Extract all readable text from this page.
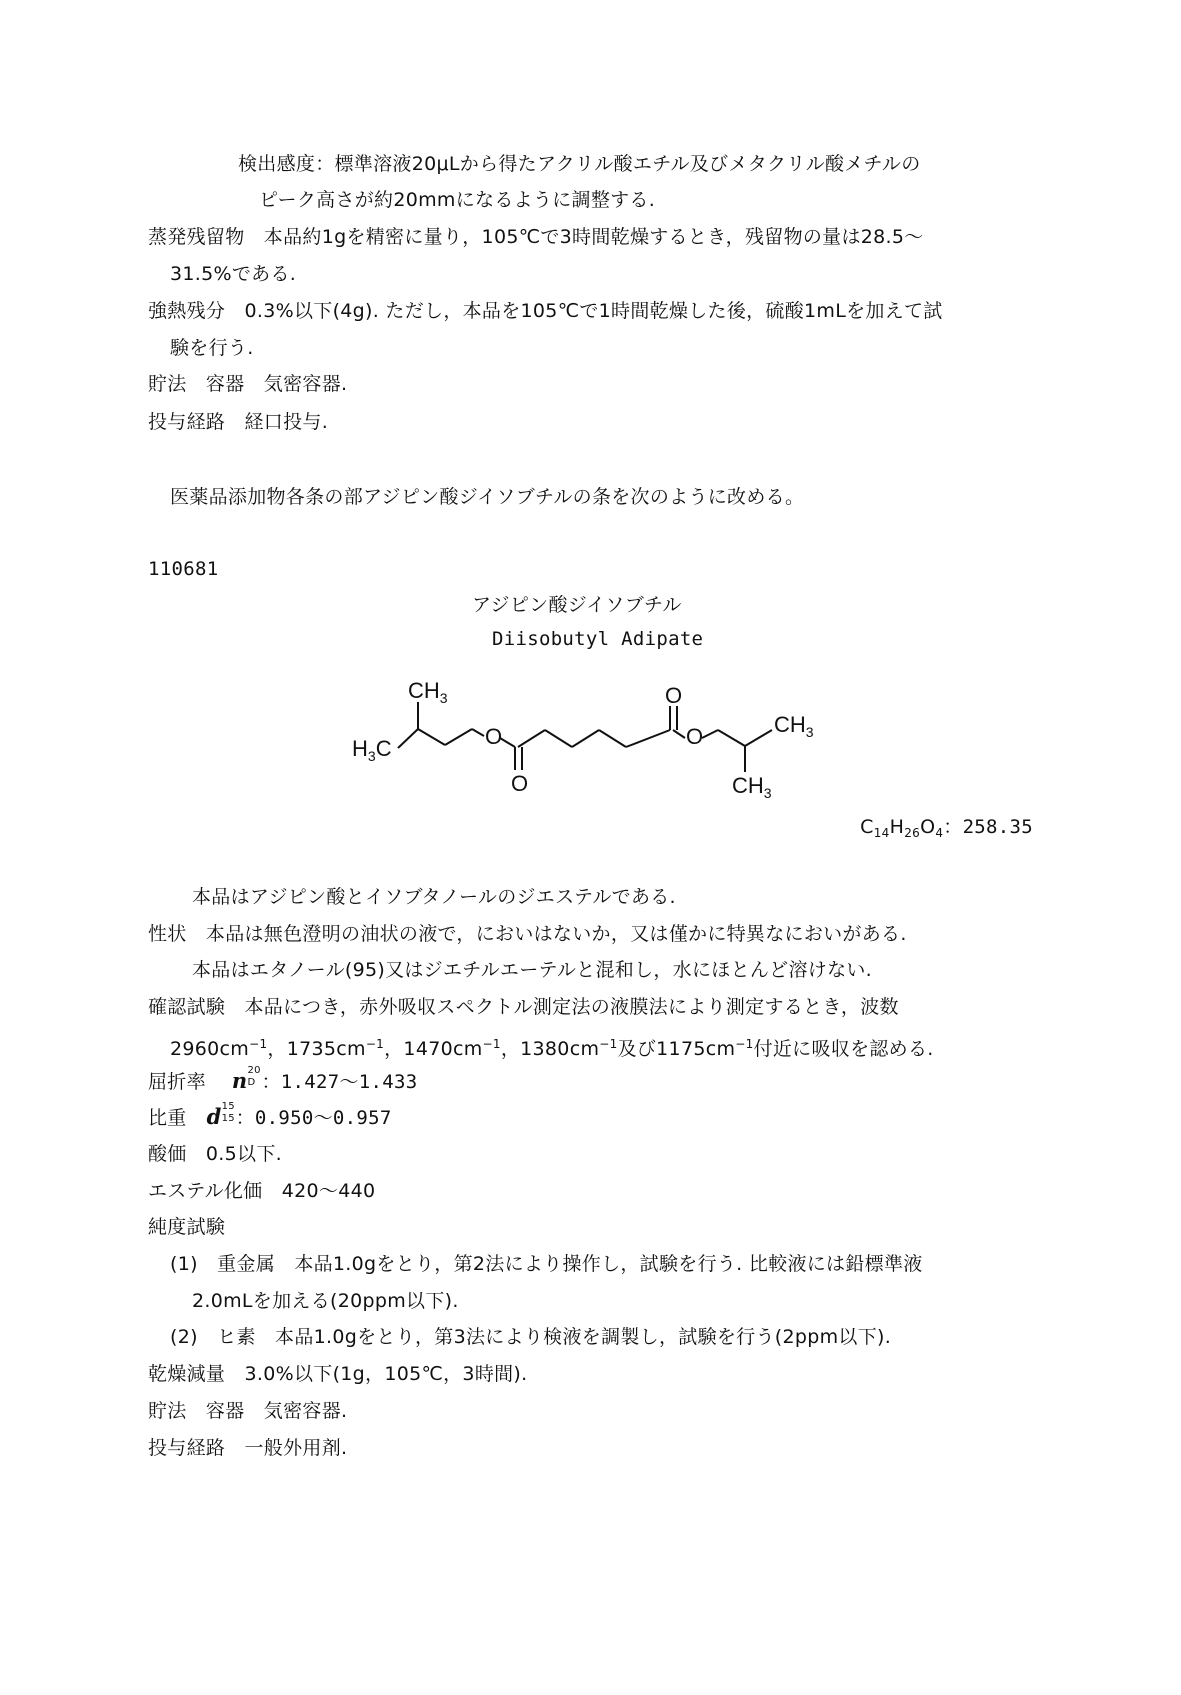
検出感度：標準溶液20μLから得たアクリル酸エチル及びメタクリル酸メチルの
ピーク高さが約20mmになるように調整する.
蒸発残留物　本品約1gを精密に量り，105℃で3時間乾燥するとき，残留物の量は28.5～
31.5%である.
強熱残分　0.3%以下(4g). ただし，本品を105℃で1時間乾燥した後，硫酸1mLを加えて試
験を行う.
貯法　容器　気密容器.
投与経路　経口投与.
医薬品添加物各条の部アジピン酸ジイソブチルの条を次のように改める。
110681
アジピン酸ジイソブチル
Diisobutyl Adipate
$CH_3$
$H_3C$	O
O
O
O	$CH_3$
$CH_3$
$C_{14}H_{26}O_4$：258.35
本品はアジピン酸とイソブタノールのジエステルである.
性状　本品は無色澄明の油状の液で，においはないか，又は僅かに特異なにおいがある.
本品はエタノール(95)又はジエチルエーテルと混和し，水にほとんど溶けない.
確認試験　本品につき，赤外吸収スペクトル測定法の液膜法により測定するとき，波数
$2960cm^{-1}$，$1735cm^{-1}$，$1470cm^{-1}$，$1380cm^{-1}$及び$1175cm^{-1}$付近に吸収を認める.
屈折率 n 20
D ：1.427～1.433
比重 d 15
15 ：0.950～0.957
酸価　0.5以下.
エステル化価　420～440
純度試験
(1)　重金属　本品1.0gをとり，第2法により操作し，試験を行う. 比較液には鉛標準液
2.0mLを加える(20ppm以下).
(2)　ヒ素　本品1.0gをとり，第3法により検液を調製し，試験を行う(2ppm以下).
乾燥減量　3.0%以下(1g，105℃，3時間).
貯法　容器　気密容器.
投与経路　一般外用剤.
